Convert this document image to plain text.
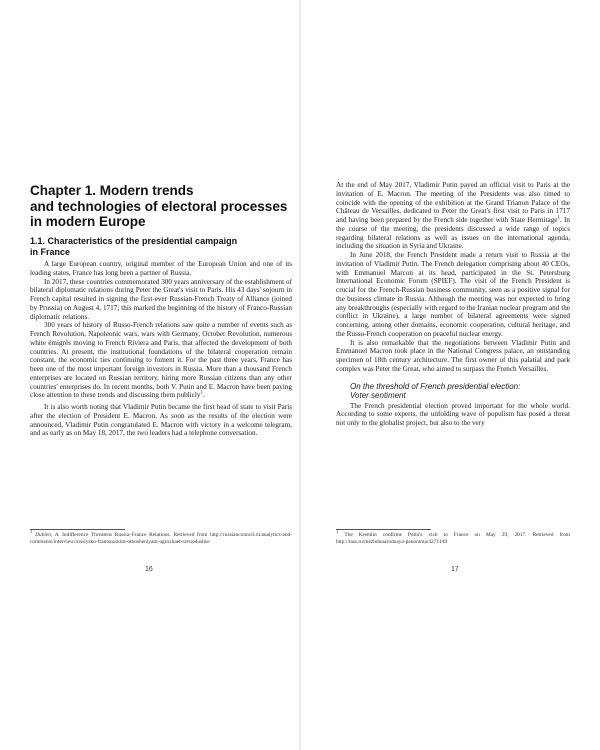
Chapter 1. Modern trends
and technologies of electoral processes
in modern Europe
1.1. Characteristics of the presidential campaign
in France

A large European country, original member of the European Union and one of its leading states, France has long been a partner of Russia.

In 2017, these countries commemorated 300 years anniversary of the establishment of bilateral diplomatic relations during Peter the Great's visit to Paris. His 43 days' sojourn in French capital resulted in signing the first-ever Russian-French Treaty of Alliance (joined by Prussia) on August 4, 1717; this marked the beginning of the history of Franco-Russian diplomatic relations.

300 years of history of Russo-French relations saw quite a number of events such as French Revolution, Napoleonic wars, wars with Germany, October Revolution, numerous white émigrés moving to French Riviera and Paris, that affected the development of both countries. At present, the institutional foundations of the bilateral cooperation remain constant, the economic ties continuing to foment it. For the past three years, France has been one of the most important foreign investors in Russia. More than a thousand French enterprises are located on Russian territory, hiring more Russian citizens than any other countries' enterprises do. In recent months, both V. Putin and E. Macron have been paying close attention to these trends and discussing them publicly$^1$.

It is also worth noting that Vladimir Putin became the first head of state to visit Paris after the election of President E. Macron. As soon as the results of the election were announced, Vladimir Putin congratulated E. Macron with victory in a welcome telegram, and as early as on May 18, 2017, the two leaders had a telephone conversation.

$^1$ Dubien, A. Indifference Threatens Russia–France Relations. Retrieved from http://russiancouncil.ru/analytics-and-comments/interview/rossiysko-frantsuzskim-otnosheniyam-ugrozhaet-ravnodushie/
16

At the end of May 2017, Vladimir Putin payed an official visit to Paris at the invitation of E. Macron. The meeting of the Presidents was also timed to coincide with the opening of the exhibition at the Grand Trianon Palace of the Château de Versailles, dedicated to Peter the Great's first visit to Paris in 1717 and having been prepared by the French side together with State Hermitage$^1$. In the course of the meeting, the presidents discussed a wide range of topics regarding bilateral relations as well as issues on the international agenda, including the situation in Syria and Ukraine.

In June 2018, the French President made a return visit to Russia at the invitation of Vladimir Putin. The French delegation comprising about 40 CEOs, with Emmanuel Marcon at its head, participated in the St. Petersburg International Economic Forum (SPIEF). The visit of the French President is crucial for the French-Russian business community, seen as a positive signal for the business climate in Russia. Although the meeting was not expected to bring any breakthroughs (especially with regard to the Iranian nuclear program and the conflict in Ukraine), a large number of bilateral agreements were signed concerning, among other domains, economic cooperation, cultural heritage, and the Russo-French cooperation on peaceful nuclear energy.

It is also remarkable that the negotiations between Vladimir Putin and Emmanuel Macron took place in the National Congress palace, an outstanding specimen of 18th century architecture. The first owner of this palatial and park complex was Peter the Great, who aimed to surpass the French Versailles.

On the threshold of French presidential election:
Voter sentiment

The French presidential election proved important for the whole world. According to some experts, the unfolding wave of populism has posed a threat not only to the globalist project, but also to the very

$^1$ The Kremlin confirms Putin's visit to France on May 29, 2017. Retrieved from http://tass.ru/mezhdunarodnaya-panorama/4271149
17
